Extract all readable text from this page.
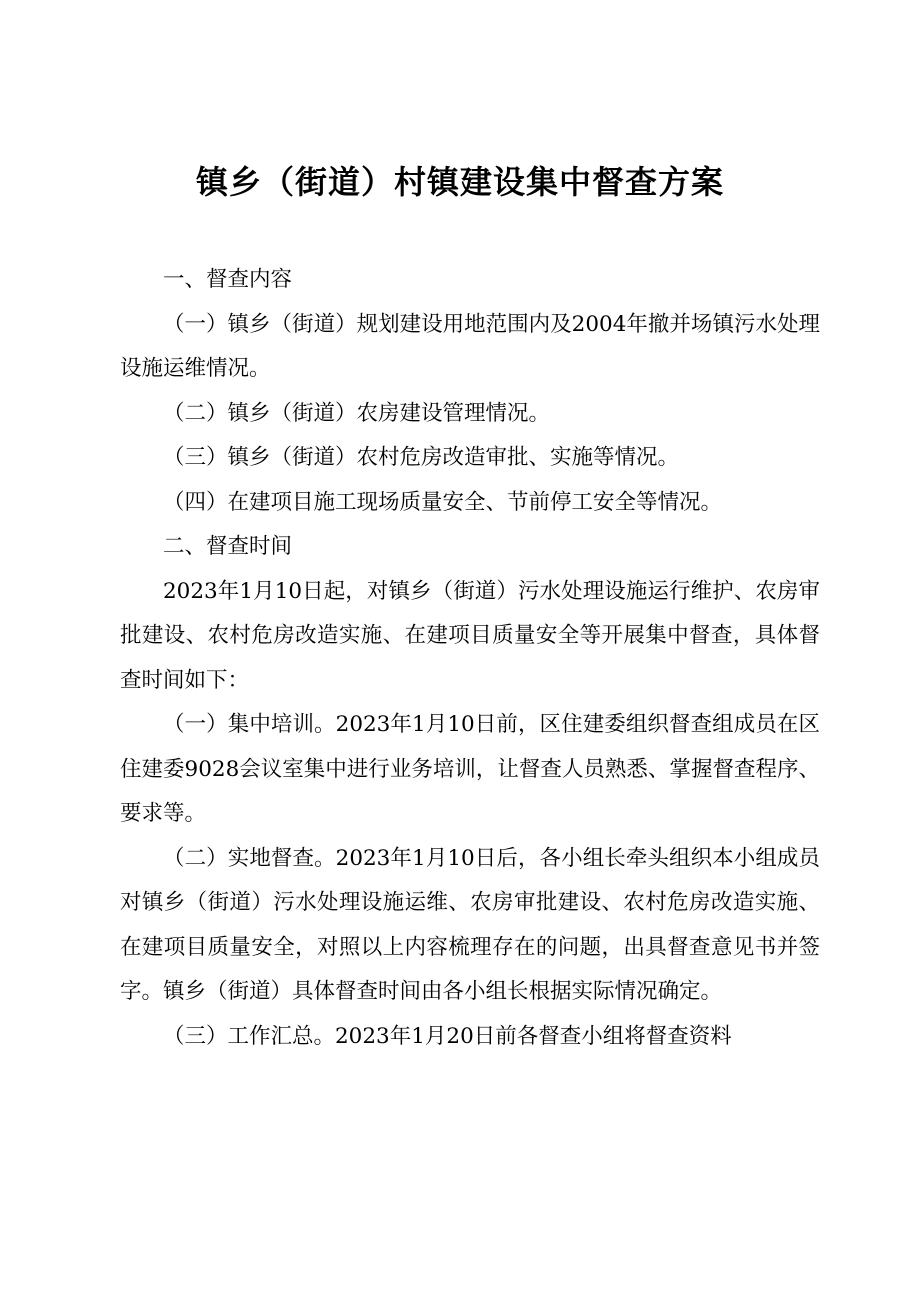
镇乡（街道）村镇建设集中督查方案

一、督查内容

（一）镇乡（街道）规划建设用地范围内及2004年撤并场镇污水处理设施运维情况。

（二）镇乡（街道）农房建设管理情况。

（三）镇乡（街道）农村危房改造审批、实施等情况。

（四）在建项目施工现场质量安全、节前停工安全等情况。

二、督查时间

2023年1月10日起，对镇乡（街道）污水处理设施运行维护、农房审批建设、农村危房改造实施、在建项目质量安全等开展集中督查，具体督查时间如下：

（一）集中培训。2023年1月10日前，区住建委组织督查组成员在区住建委9028会议室集中进行业务培训，让督查人员熟悉、掌握督查程序、要求等。

（二）实地督查。2023年1月10日后，各小组长牵头组织本小组成员对镇乡（街道）污水处理设施运维、农房审批建设、农村危房改造实施、在建项目质量安全，对照以上内容梳理存在的问题，出具督查意见书并签字。镇乡（街道）具体督查时间由各小组长根据实际情况确定。

（三）工作汇总。2023年1月20日前各督查小组将督查资料
